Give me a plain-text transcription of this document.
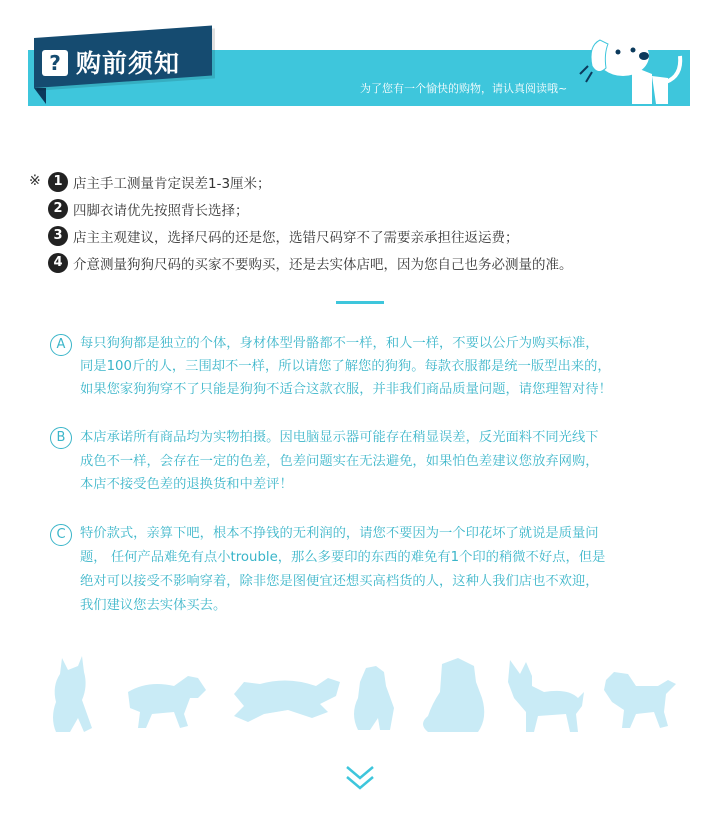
? 购前须知
为了您有一个愉快的购物，请认真阅读哦~
※ 1 店主手工测量肯定误差1-3厘米；
2 四脚衣请优先按照背长选择；
3 店主主观建议，选择尺码的还是您，选错尺码穿不了需要亲承担往返运费；
4 介意测量狗狗尺码的买家不要购买，还是去实体店吧，因为您自己也务必测量的准。
A	每只狗狗都是独立的个体，身材体型骨骼都不一样，和人一样，不要以公斤为购买标准，
同是100斤的人，三围却不一样，所以请您了解您的狗狗。每款衣服都是统一版型出来的，
如果您家狗狗穿不了只能是狗狗不适合这款衣服，并非我们商品质量问题，请您理智对待！
B	本店承诺所有商品均为实物拍摄。因电脑显示器可能存在稍显误差，反光面料不同光线下
成色不一样，会存在一定的色差，色差问题实在无法避免，如果怕色差建议您放弃网购，
本店不接受色差的退换货和中差评！
C	特价款式，亲算下吧，根本不挣钱的无利润的，请您不要因为一个印花坏了就说是质量问
题， 任何产品难免有点小trouble，那么多要印的东西的难免有1个印的稍微不好点，但是
绝对可以接受不影响穿着，除非您是图便宜还想买高档货的人，这种人我们店也不欢迎，
我们建议您去实体买去。
